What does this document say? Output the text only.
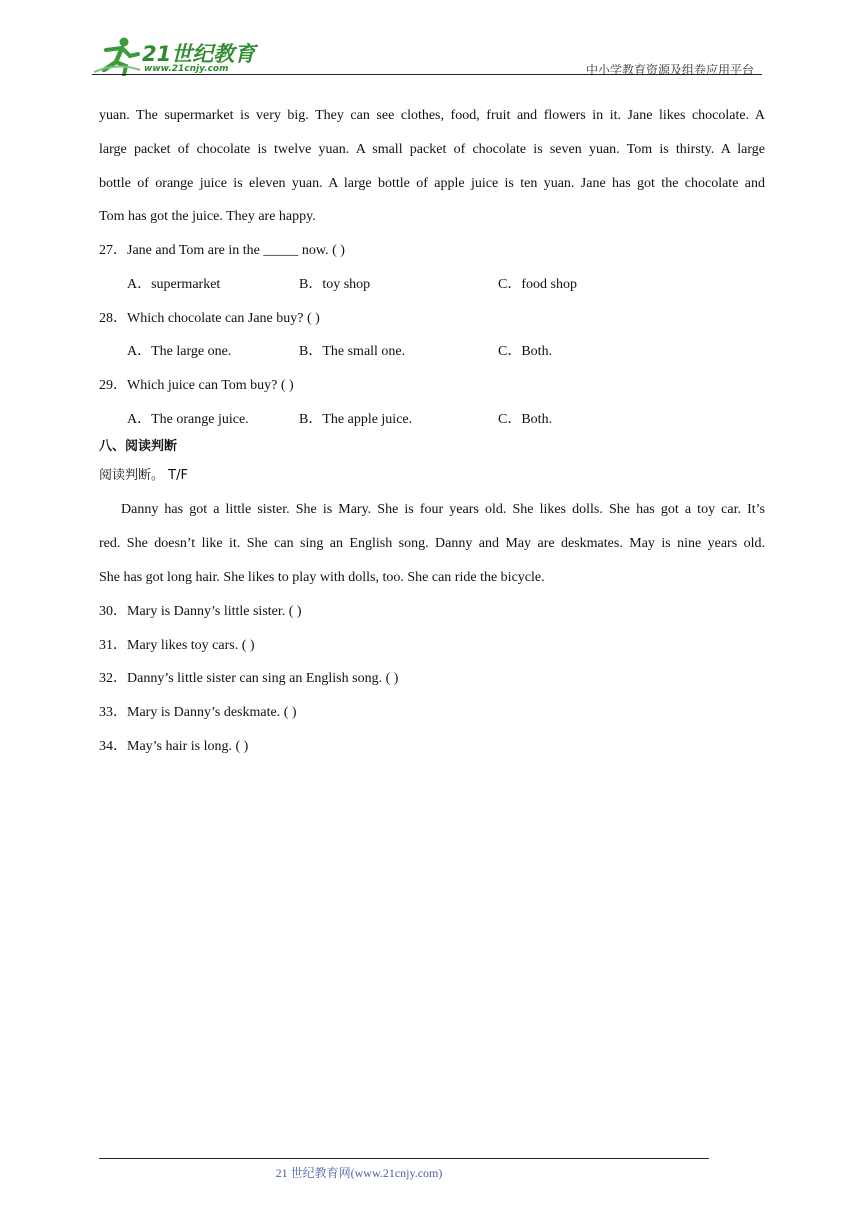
21世纪教育
www.21cnjy.com	中小学教育资源及组卷应用平台
yuan. The supermarket is very big. They can see clothes, food, fruit and flowers in it. Jane likes chocolate. A
large packet of chocolate is twelve yuan. A small packet of chocolate is seven yuan. Tom is thirsty. A large
bottle of orange juice is eleven yuan. A large bottle of apple juice is ten yuan. Jane has got the chocolate and
Tom has got the juice. They are happy.
27．Jane and Tom are in the _____ now. ( )
A．supermarket	B．toy shop	C．food shop
28．Which chocolate can Jane buy? ( )
A．The large one.	B．The small one.	C．Both.
29．Which juice can Tom buy? ( )
A．The orange juice.	B．The apple juice.	C．Both.
八、阅读判断
阅读判断。 T/F
Danny has got a little sister. She is Mary. She is four years old. She likes dolls. She has got a toy car. It’s
red. She doesn’t like it. She can sing an English song. Danny and May are deskmates. May is nine years old.
She has got long hair. She likes to play with dolls, too. She can ride the bicycle.
30．Mary is Danny’s little sister. ( )
31．Mary likes toy cars. ( )
32．Danny’s little sister can sing an English song. ( )
33．Mary is Danny’s deskmate. ( )
34．May’s hair is long. ( )
21 世纪教育网(www.21cnjy.com)
